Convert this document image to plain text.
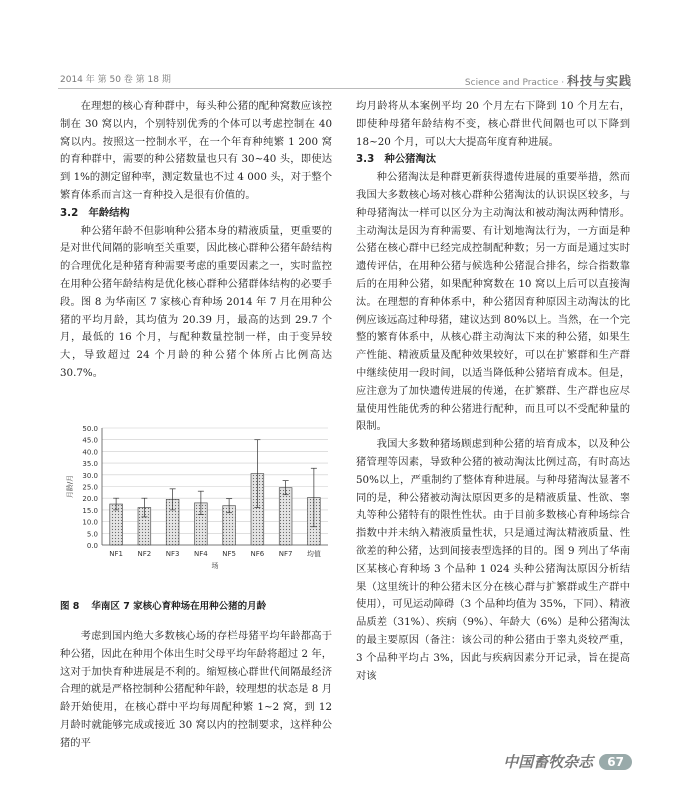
2014 年 第 50 卷 第 18 期	Science and Practice · 科技与实践

在理想的核心育种群中，每头种公猪的配种窝数应该控制在 30 窝以内，个别特别优秀的个体可以考虑控制在 40 窝以内。按照这一控制水平，在一个年育种纯繁 1 200 窝的育种群中，需要的种公猪数量也只有 30~40 头，即使达到 1%的测定留种率，测定数量也不过 4 000 头，对于整个繁育体系而言这一育种投入是很有价值的。

3.2　年龄结构

种公猪年龄不但影响种公猪本身的精液质量，更重要的是对世代间隔的影响至关重要，因此核心群种公猪年龄结构的合理优化是种猪育种需要考虑的重要因素之一，实时监控在用种公猪年龄结构是优化核心群种公猪群体结构的必要手段。图 8 为华南区 7 家核心育种场 2014 年 7 月在用种公猪的平均月龄，其均值为 20.39 月，最高的达到 29.7 个月，最低的 16 个月，与配种数量控制一样，由于变异较大，导致超过 24 个月龄的种公猪个体所占比例高达 30.7%。

0.0
5.0
10.0
15.0
20.0
25.0
30.0
35.0
40.0
45.0
50.0
月龄/月
NF1 NF2 NF3 NF4 NF5 NF6 NF7 均值
场
图 8 华南区 7 家核心育种场在用种公猪的月龄

考虑到国内绝大多数核心场的存栏母猪平均年龄都高于种公猪，因此在种用个体出生时父母平均年龄将超过 2 年，这对于加快育种进展是不利的。缩短核心群世代间隔最经济合理的就是严格控制种公猪配种年龄，较理想的状态是 8 月龄开始使用，在核心群中平均每周配种繁 1~2 窝，到 12 月龄时就能够完成或接近 30 窝以内的控制要求，这样种公猪的平

均月龄将从本案例平均 20 个月左右下降到 10 个月左右，即使种母猪年龄结构不变，核心群世代间隔也可以下降到 18~20 个月，可以大大提高年度育种进展。

3.3　种公猪淘汰

种公猪淘汰是种群更新获得遗传进展的重要举措，然而我国大多数核心场对核心群种公猪淘汰的认识误区较多，与种母猪淘汰一样可以区分为主动淘汰和被动淘汰两种情形。主动淘汰是因为育种需要、有计划地淘汰行为，一方面是种公猪在核心群中已经完成控制配种数；另一方面是通过实时遗传评估，在用种公猪与候选种公猪混合排名，综合指数靠后的在用种公猪，如果配种窝数在 10 窝以上后可以直接淘汰。在理想的育种体系中，种公猪因育种原因主动淘汰的比例应该远高过种母猪，建议达到 80%以上。当然，在一个完整的繁育体系中，从核心群主动淘汰下来的种公猪，如果生产性能、精液质量及配种效果较好，可以在扩繁群和生产群中继续使用一段时间，以适当降低种公猪培育成本。但是，应注意为了加快遗传进展的传递，在扩繁群、生产群也应尽量使用性能优秀的种公猪进行配种，而且可以不受配种量的限制。

我国大多数种猪场顾虑到种公猪的培育成本，以及种公猪管理等因素，导致种公猪的被动淘汰比例过高，有时高达 50%以上，严重制约了整体育种进展。与种母猪淘汰显著不同的是，种公猪被动淘汰原因更多的是精液质量、性欲、睾丸等种公猪特有的限性性状。由于目前多数核心育种场综合指数中并未纳入精液质量性状，只是通过淘汰精液质量、性欲差的种公猪，达到间接表型选择的目的。图 9 列出了华南区某核心育种场 3 个品种 1 024 头种公猪淘汰原因分析结果（这里统计的种公猪未区分在核心群与扩繁群或生产群中使用），可见运动障碍（3 个品种均值为 35%，下同）、精液品质差（31%）、疾病（9%）、年龄大（6%）是种公猪淘汰的最主要原因（备注：该公司的种公猪由于睾丸炎较严重，3 个品种平均占 3%，因此与疾病因素分开记录，旨在提高对该

中国畜牧杂志 67
